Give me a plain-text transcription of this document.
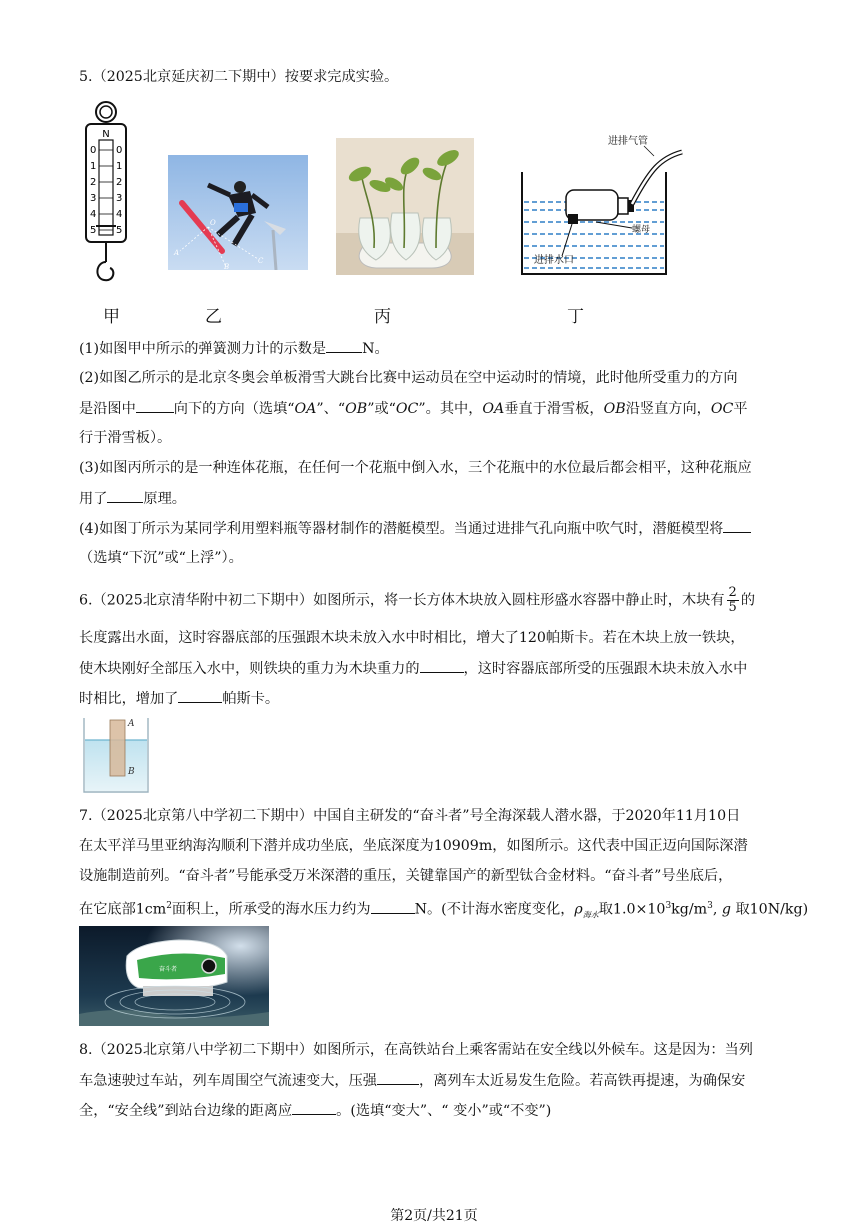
5.（2025北京延庆初二下期中）按要求完成实验。
N
0
1
2
3
4
5
0
1
2
3
4
5
A
B
C
O
进排气管
螺母
进排水口
甲	乙	丙	丁
(1)如图甲中所示的弹簧测力计的示数是	N。
(2)如图乙所示的是北京冬奥会单板滑雪大跳台比赛中运动员在空中运动时的情境，此时他所受重力的方向
是沿图中	向下的方向（选填“OA”、“OB”或“OC”。其中，OA垂直于滑雪板，OB沿竖直方向，OC平
行于滑雪板）。
(3)如图丙所示的是一种连体花瓶，在任何一个花瓶中倒入水，三个花瓶中的水位最后都会相平，这种花瓶应
用了	原理。
(4)如图丁所示为某同学利用塑料瓶等器材制作的潜艇模型。当通过进排气孔向瓶中吹气时，潜艇模型将
（选填“下沉”或“上浮”）。
6.（2025北京清华附中初二下期中）如图所示，将一长方体木块放入圆柱形盛水容器中静止时，木块有 $\frac{2}{5}$ 的
长度露出水面，这时容器底部的压强跟木块未放入水中时相比，增大了120帕斯卡。若在木块上放一铁块，
使木块刚好全部压入水中，则铁块的重力为木块重力的	，这时容器底部所受的压强跟木块未放入水中
时相比，增加了	帕斯卡。
A
B
7.（2025北京第八中学初二下期中）中国自主研发的“奋斗者”号全海深载人潜水器，于2020年11月10日
在太平洋马里亚纳海沟顺利下潜并成功坐底，坐底深度为10909m，如图所示。这代表中国正迈向国际深潜
设施制造前列。“奋斗者”号能承受万米深潜的重压，关键靠国产的新型钛合金材料。“奋斗者”号坐底后，
在它底部$1cm^2$面积上，所承受的海水压力约为	N。(不计海水密度变化，$\rho_{海水}$取$1.0\times 10^3kg/m^3$, g 取10N/kg)
奋斗者
8.（2025北京第八中学初二下期中）如图所示，在高铁站台上乘客需站在安全线以外候车。这是因为：当列
车急速驶过车站，列车周围空气流速变大，压强	，离列车太近易发生危险。若高铁再提速，为确保安
全，“安全线”到站台边缘的距离应	。(选填“变大”、“ 变小”或“不变”)
第2页/共21页
